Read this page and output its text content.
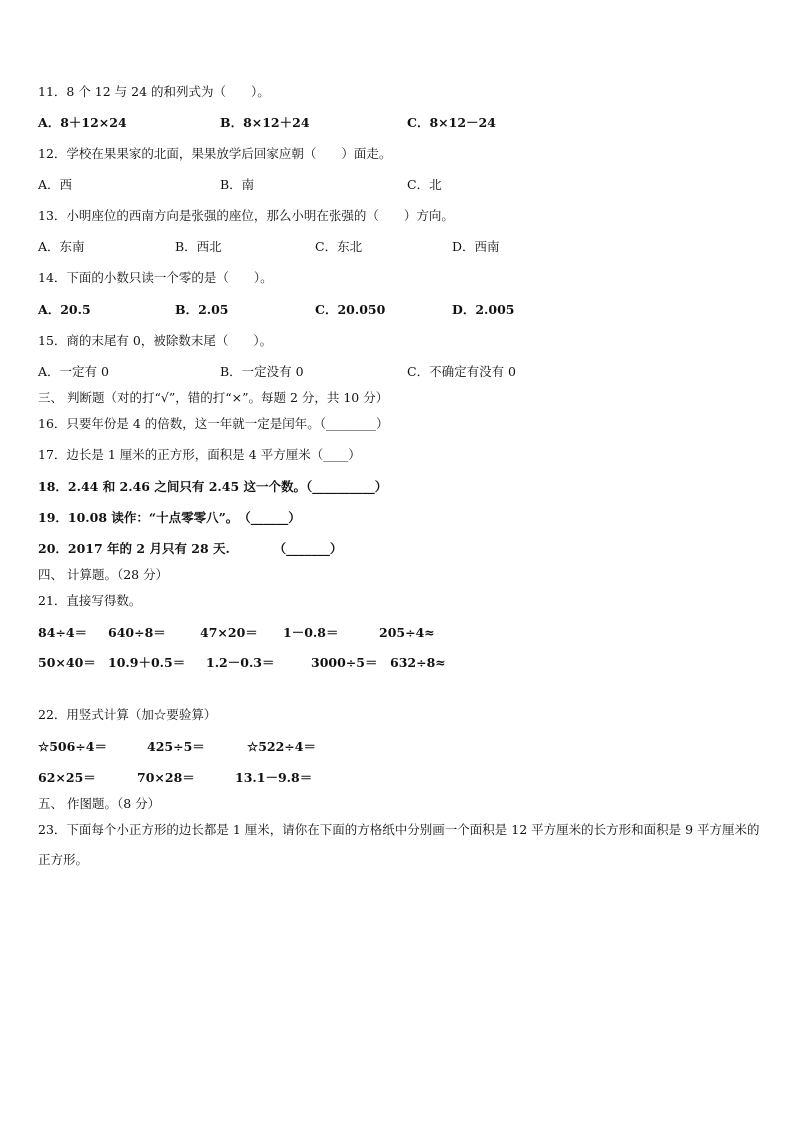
11．8 个 12 与 24 的和列式为（　　）。
A．8＋12×24	B．8×12＋24	C．8×12－24
12．学校在果果家的北面，果果放学后回家应朝（　　）面走。
A．西	B．南	C．北
13．小明座位的西南方向是张强的座位，那么小明在张强的（　　）方向。
A．东南	B．西北	C．东北	D．西南
14．下面的小数只读一个零的是（　　）。
A．20.5	B．2.05	C．20.050	D．2.005
15．商的末尾有 0，被除数末尾（　　）。
A．一定有 0	B．一定没有 0	C．不确定有没有 0
三、 判断题（对的打“√”，错的打“×”。每题 2 分，共 10 分）
16．只要年份是 4 的倍数，这一年就一定是闰年。（________）
17．边长是 1 厘米的正方形，面积是 4 平方厘米（____）
18．2.44 和 2.46 之间只有 2.45 这一个数。（__________）
19．10.08 读作：“十点零零八”。　（______）
20．2017 年的 2 月只有 28 天.　　　　（_______）
四、 计算题。（28 分）
21．直接写得数。
84÷4＝ 640÷8＝	47×20＝ 1－0.8＝	205÷4≈
50×40＝ 10.9＋0.5＝ 1.2－0.3＝	3000÷5＝ 632÷8≈
22．用竖式计算（加☆要验算）
☆506÷4＝	425÷5＝	☆522÷4＝
62×25＝	70×28＝	13.1－9.8＝
五、 作图题。（8 分）
23．下面每个小正方形的边长都是 1 厘米，请你在下面的方格纸中分别画一个面积是 12 平方厘米的长方形和面积是 9 平方厘米的正方形。
